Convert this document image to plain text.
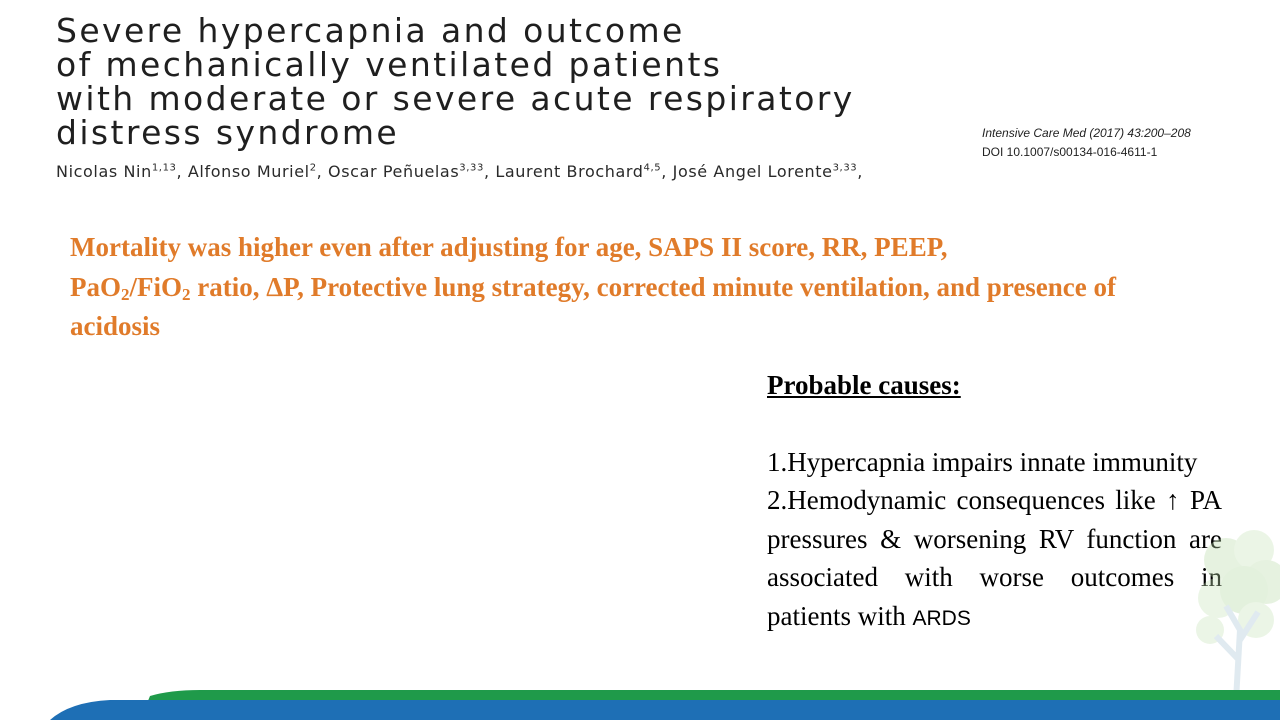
Severe hypercapnia and outcome
of mechanically ventilated patients
with moderate or severe acute respiratory
distress syndrome	Intensive Care Med (2017) 43:200–208
DOI 10.1007/s00134-016-4611-1
Nicolas Nin$^{1,13}$, Alfonso Muriel$^2$, Oscar Peñuelas$^{3,33}$, Laurent Brochard$^{4,5}$, José Angel Lorente$^{3,33}$,
Mortality was higher even after adjusting for age, SAPS II score, RR, PEEP,
PaO$_2$/FiO$_2$ ratio, ΔP, Protective lung strategy, corrected minute ventilation, and presence of acidosis
Probable causes:
1.Hypercapnia impairs innate immunity
2.Hemodynamic consequences like ↑ PA pressures & worsening RV function are associated with worse outcomes in patients with ARDS
